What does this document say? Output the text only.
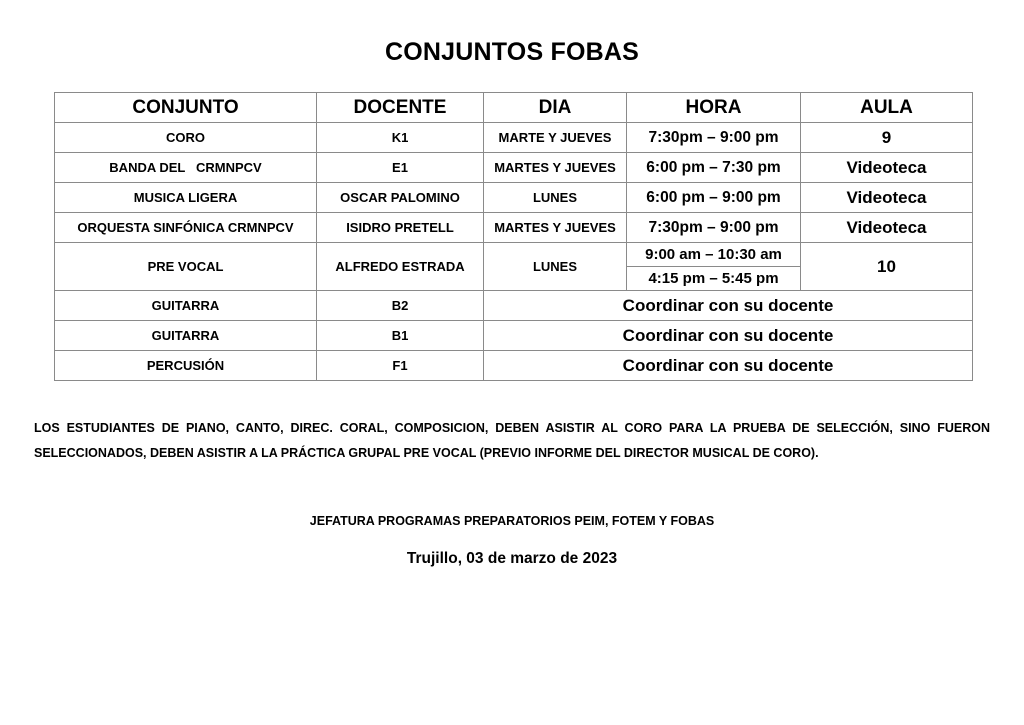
CONJUNTOS FOBAS
CONJUNTO	DOCENTE	DIA	HORA	AULA
CORO	K1	MARTE Y JUEVES	7:30pm – 9:00 pm	9
BANDA DEL   CRMNPCV	E1	MARTES Y JUEVES	6:00 pm – 7:30 pm	Videoteca
MUSICA LIGERA	OSCAR PALOMINO	LUNES	6:00 pm – 9:00 pm	Videoteca
ORQUESTA SINFÓNICA CRMNPCV	ISIDRO PRETELL	MARTES Y JUEVES	7:30pm – 9:00 pm	Videoteca
PRE VOCAL	ALFREDO ESTRADA	LUNES	9:00 am – 10:30 am	10
			4:15 pm – 5:45 pm	
GUITARRA	B2	Coordinar con su docente		
GUITARRA	B1	Coordinar con su docente		
PERCUSIÓN	F1	Coordinar con su docente		
LOS ESTUDIANTES DE PIANO, CANTO, DIREC. CORAL, COMPOSICION, DEBEN ASISTIR AL CORO PARA LA PRUEBA DE SELECCIÓN, SINO FUERON SELECCIONADOS, DEBEN ASISTIR A LA PRÁCTICA GRUPAL PRE VOCAL (PREVIO INFORME DEL DIRECTOR MUSICAL DE CORO).
JEFATURA PROGRAMAS PREPARATORIOS PEIM, FOTEM Y FOBAS
Trujillo, 03 de marzo de 2023
